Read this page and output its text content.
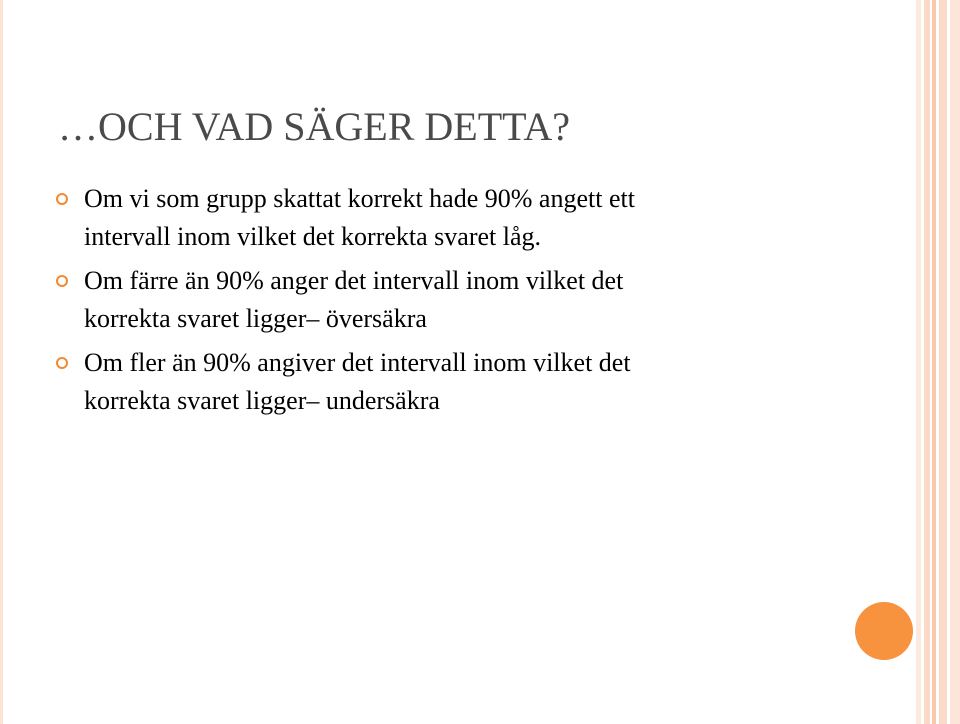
…OCH VAD SÄGER DETTA?
Om vi som grupp skattat korrekt hade 90% angett ett
intervall inom vilket det korrekta svaret låg.
Om färre än 90% anger det intervall inom vilket det
korrekta svaret ligger– översäkra
Om fler än 90% angiver det intervall inom vilket det
korrekta svaret ligger– undersäkra
